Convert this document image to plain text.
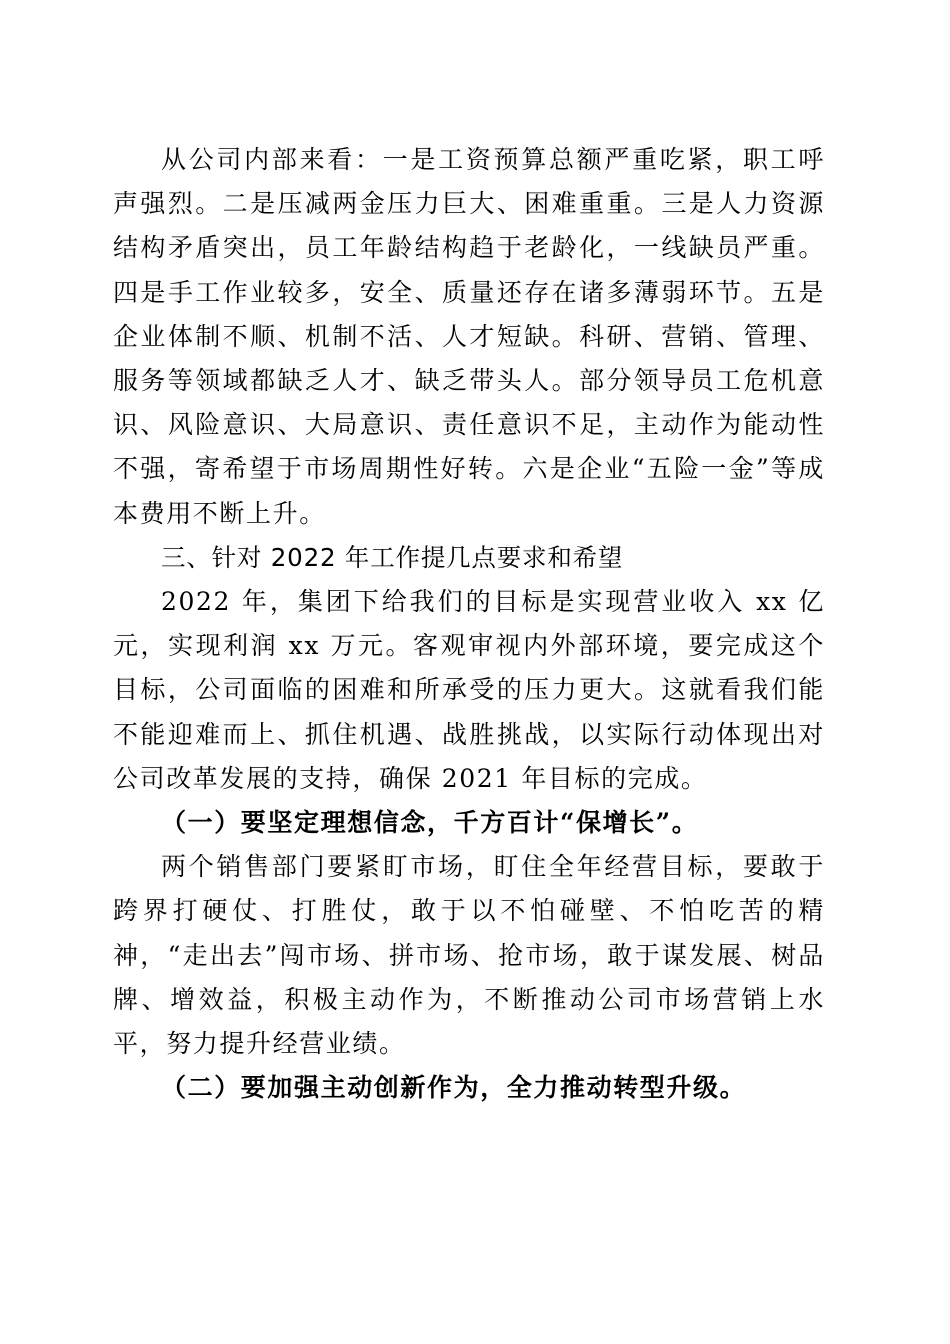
从公司内部来看：一是工资预算总额严重吃紧，职工呼声强烈。二是压减两金压力巨大、困难重重。三是人力资源结构矛盾突出，员工年龄结构趋于老龄化，一线缺员严重。四是手工作业较多，安全、质量还存在诸多薄弱环节。五是企业体制不顺、机制不活、人才短缺。科研、营销、管理、服务等领域都缺乏人才、缺乏带头人。部分领导员工危机意识、风险意识、大局意识、责任意识不足，主动作为能动性不强，寄希望于市场周期性好转。六是企业“五险一金”等成本费用不断上升。

三、针对 2022 年工作提几点要求和希望

2022 年，集团下给我们的目标是实现营业收入 xx 亿元，实现利润 xx 万元。客观审视内外部环境，要完成这个目标，公司面临的困难和所承受的压力更大。这就看我们能不能迎难而上、抓住机遇、战胜挑战，以实际行动体现出对公司改革发展的支持，确保 2021 年目标的完成。

（一）要坚定理想信念，千方百计“保增长”。

两个销售部门要紧盯市场，盯住全年经营目标，要敢于跨界打硬仗、打胜仗，敢于以不怕碰壁、不怕吃苦的精神，“走出去”闯市场、拼市场、抢市场，敢于谋发展、树品牌、增效益，积极主动作为，不断推动公司市场营销上水平，努力提升经营业绩。

（二）要加强主动创新作为，全力推动转型升级。
